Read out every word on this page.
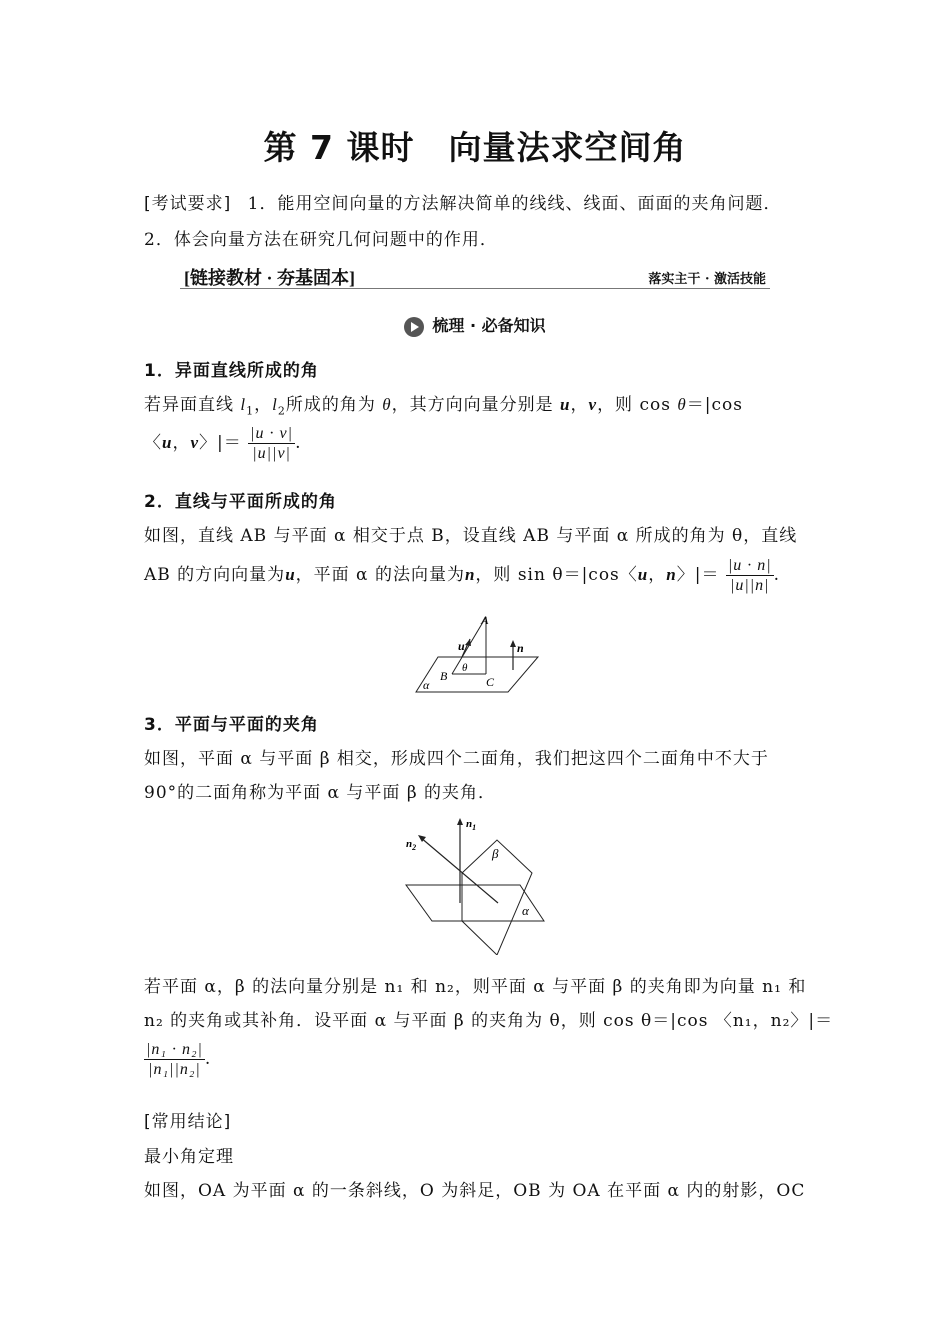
第 7 课时　向量法求空间角
[考试要求] 1．能用空间向量的方法解决简单的线线、线面、面面的夹角问题．
2．体会向量方法在研究几何问题中的作用．
[链接教材 · 夯基固本]	落实主干 · 激活技能
梳理 · 必备知识
1．异面直线所成的角
若异面直线 $l_1$，$l_2$所成的角为 θ，其方向向量分别是 u，v，则 cos θ＝|cos
〈u，v〉|＝ $\frac{|u \cdot v|}{|u||v|}$ .
2．直线与平面所成的角
如图，直线 AB 与平面 α 相交于点 B，设直线 AB 与平面 α 所成的角为 θ，直线
AB 的方向向量为u，平面 α 的法向量为n，则 sin θ＝|cos〈u，n〉|＝ $\frac{|u \cdot n|}{|u||n|}$ .
A
B	C
u	n
θ
α
3．平面与平面的夹角
如图，平面 α 与平面 β 相交，形成四个二面角，我们把这四个二面角中不大于
90°的二面角称为平面 α 与平面 β 的夹角．
$n_1$
$n_2$	β
α
若平面 α，β 的法向量分别是 n₁ 和 n₂，则平面 α 与平面 β 的夹角即为向量 n₁ 和
n₂ 的夹角或其补角．设平面 α 与平面 β 的夹角为 θ，则 cos θ＝|cos 〈n₁，n₂〉|＝
$\frac{\text{|n₁ · n₂|}}{\text{|n₁||n₂|}}$ .
[常用结论]
最小角定理
如图，OA 为平面 α 的一条斜线，O 为斜足，OB 为 OA 在平面 α 内的射影，OC
